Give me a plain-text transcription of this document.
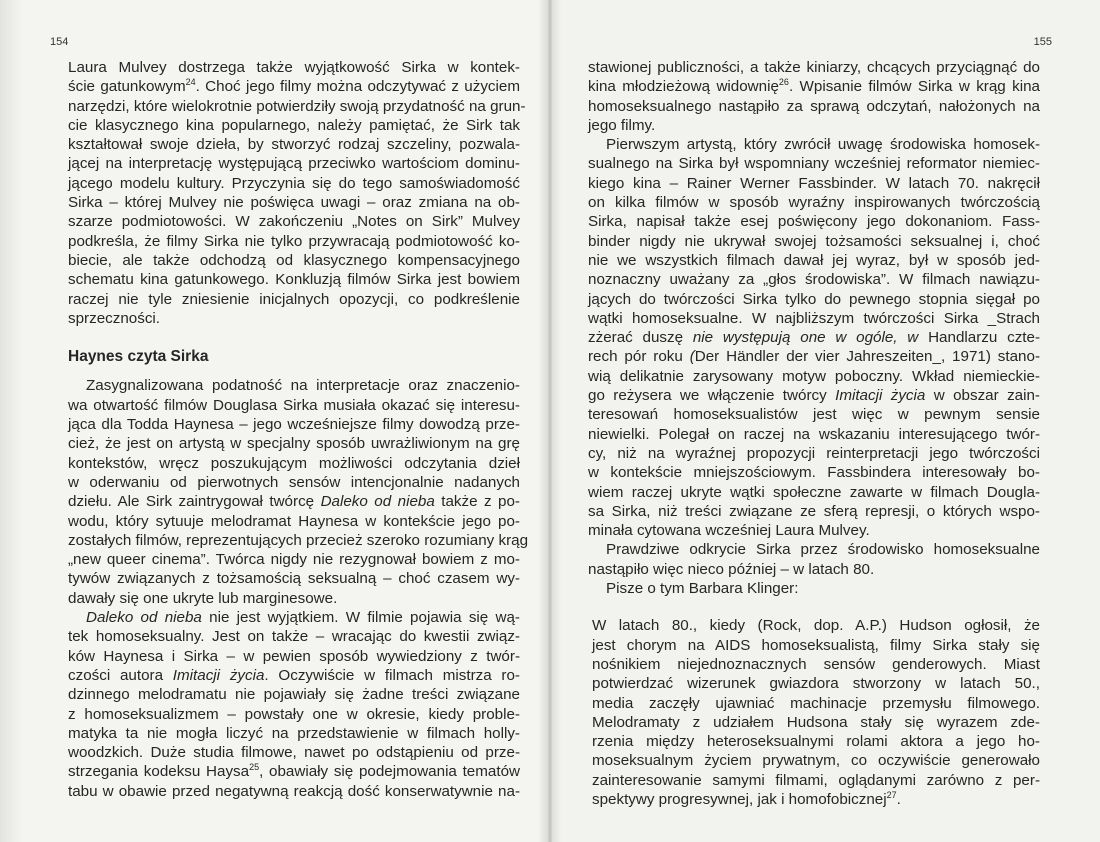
154
Laura Mulvey dostrzega także wyjątkowość Sirka w kontek-
ście gatunkowym$^{24}$. Choć jego filmy można odczytywać z użyciem
narzędzi, które wielokrotnie potwierdziły swoją przydatność na grun-
cie klasycznego kina popularnego, należy pamiętać, że Sirk tak
kształtował swoje dzieła, by stworzyć rodzaj szczeliny, pozwala-
jącej na interpretację występującą przeciwko wartościom dominu-
jącego modelu kultury. Przyczynia się do tego samoświadomość
Sirka – której Mulvey nie poświęca uwagi – oraz zmiana na ob-
szarze podmiotowości. W zakończeniu „Notes on Sirk” Mulvey
podkreśla, że filmy Sirka nie tylko przywracają podmiotowość ko-
biecie, ale także odchodzą od klasycznego kompensacyjnego
schematu kina gatunkowego. Konkluzją filmów Sirka jest bowiem
raczej nie tyle zniesienie inicjalnych opozycji, co podkreślenie
sprzeczności.
Haynes czyta Sirka
Zasygnalizowana podatność na interpretacje oraz znaczenio-
wa otwartość filmów Douglasa Sirka musiała okazać się interesu-
jąca dla Todda Haynesa – jego wcześniejsze filmy dowodzą prze-
cież, że jest on artystą w specjalny sposób uwrażliwionym na grę
kontekstów, wręcz poszukującym możliwości odczytania dzieł
w oderwaniu od pierwotnych sensów intencjonalnie nadanych
dziełu. Ale Sirk zaintrygował twórcę Daleko od nieba także z po-
wodu, który sytuuje melodramat Haynesa w kontekście jego po-
zostałych filmów, reprezentujących przecież szeroko rozumiany krąg
„new queer cinema”. Twórca nigdy nie rezygnował bowiem z mo-
tywów związanych z tożsamością seksualną – choć czasem wy-
dawały się one ukryte lub marginesowe.
Daleko od nieba nie jest wyjątkiem. W filmie pojawia się wą-
tek homoseksualny. Jest on także – wracając do kwestii związ-
ków Haynesa i Sirka – w pewien sposób wywiedziony z twór-
czości autora Imitacji życia. Oczywiście w filmach mistrza ro-
dzinnego melodramatu nie pojawiały się żadne treści związane
z homoseksualizmem – powstały one w okresie, kiedy proble-
matyka ta nie mogła liczyć na przedstawienie w filmach holly-
woodzkich. Duże studia filmowe, nawet po odstąpieniu od prze-
strzegania kodeksu Haysa$^{25}$, obawiały się podejmowania tematów
tabu w obawie przed negatywną reakcją dość konserwatywnie na-
155
stawionej publiczności, a także kiniarzy, chcących przyciągnąć do
kina młodzieżową widownię$^{26}$. Wpisanie filmów Sirka w krąg kina
homoseksualnego nastąpiło za sprawą odczytań, nałożonych na
jego filmy.
Pierwszym artystą, który zwrócił uwagę środowiska homosek-
sualnego na Sirka był wspomniany wcześniej reformator niemiec-
kiego kina – Rainer Werner Fassbinder. W latach 70. nakręcił
on kilka filmów w sposób wyraźny inspirowanych twórczością
Sirka, napisał także esej poświęcony jego dokonaniom. Fass-
binder nigdy nie ukrywał swojej tożsamości seksualnej i, choć
nie we wszystkich filmach dawał jej wyraz, był w sposób jed-
noznaczny uważany za „głos środowiska”. W filmach nawiązu-
jących do twórczości Sirka tylko do pewnego stopnia sięgał po
wątki homoseksualne. W najbliższym twórczości Sirka _Strach
zżerać duszę nie występują one w ogóle, w Handlarzu czte-
rech pór roku (Der Händler der vier Jahreszeiten_, 1971) stano-
wią delikatnie zarysowany motyw poboczny. Wkład niemieckie-
go reżysera we włączenie twórcy Imitacji życia w obszar zain-
teresowań homoseksualistów jest więc w pewnym sensie
niewielki. Polegał on raczej na wskazaniu interesującego twór-
cy, niż na wyraźnej propozycji reinterpretacji jego twórczości
w kontekście mniejszościowym. Fassbindera interesowały bo-
wiem raczej ukryte wątki społeczne zawarte w filmach Dougla-
sa Sirka, niż treści związane ze sferą represji, o których wspo-
minała cytowana wcześniej Laura Mulvey.
Prawdziwe odkrycie Sirka przez środowisko homoseksualne
nastąpiło więc nieco później – w latach 80.
Pisze o tym Barbara Klinger:
W latach 80., kiedy (Rock, dop. A.P.) Hudson ogłosił, że
jest chorym na AIDS homoseksualistą, filmy Sirka stały się
nośnikiem niejednoznacznych sensów genderowych. Miast
potwierdzać wizerunek gwiazdora stworzony w latach 50.,
media zaczęły ujawniać machinacje przemysłu filmowego.
Melodramaty z udziałem Hudsona stały się wyrazem zde-
rzenia między heteroseksualnymi rolami aktora a jego ho-
moseksualnym życiem prywatnym, co oczywiście generowało
zainteresowanie samymi filmami, oglądanymi zarówno z per-
spektywy progresywnej, jak i homofobicznej$^{27}$.
